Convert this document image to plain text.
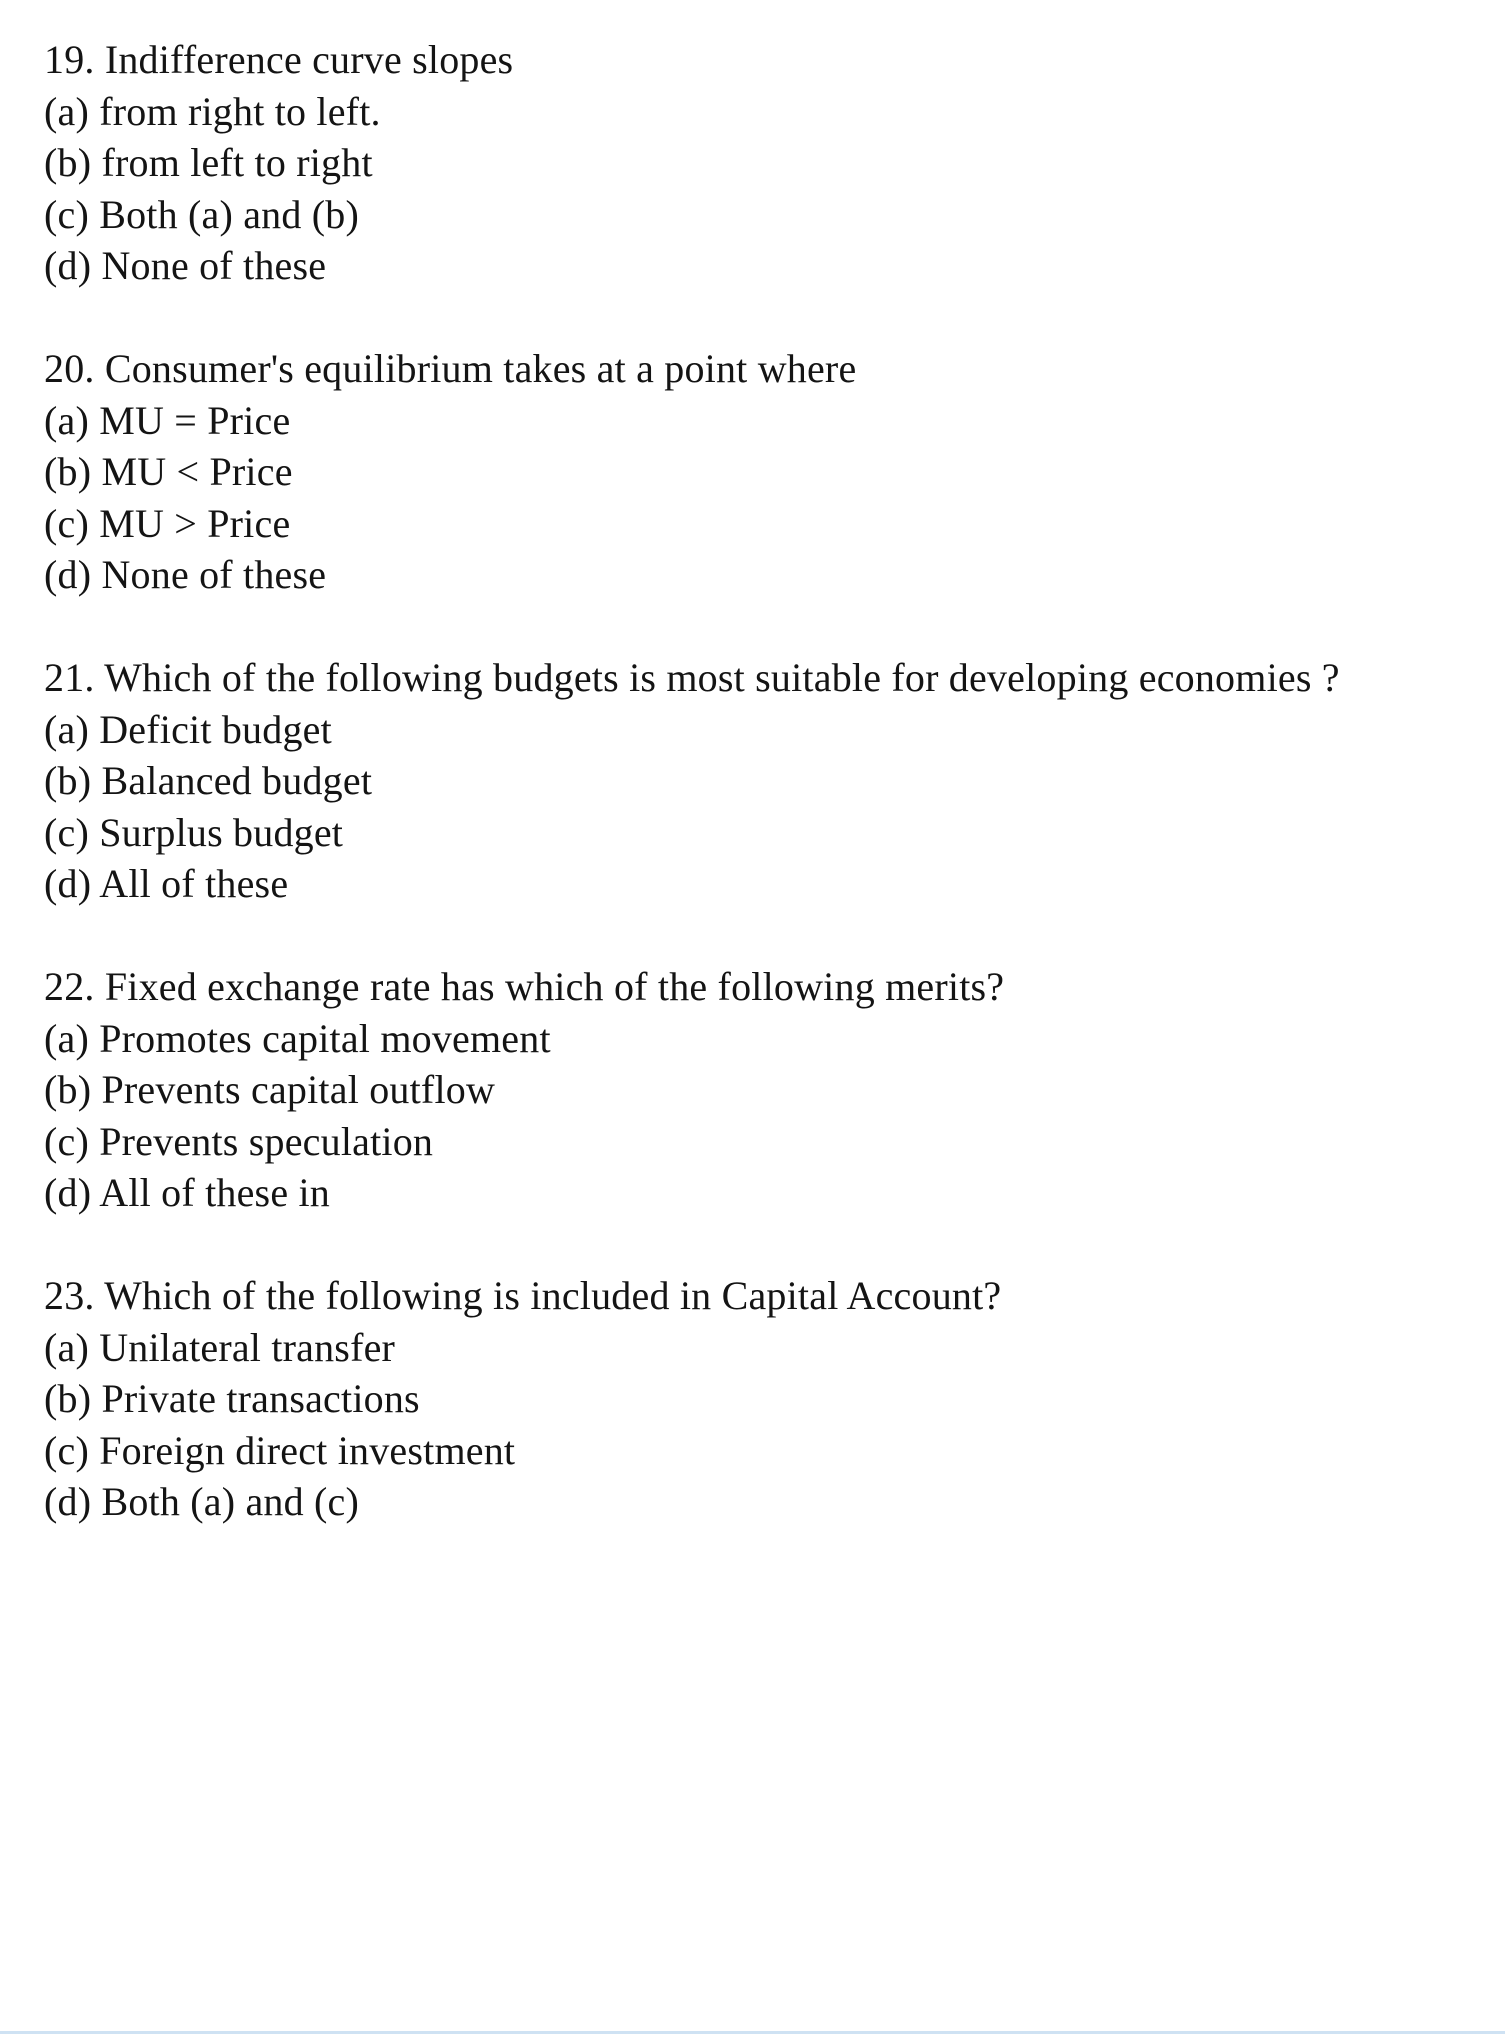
19. Indifference curve slopes

(a) from right to left.

(b) from left to right

(c) Both (a) and (b)

(d) None of these

20. Consumer's equilibrium takes at a point where

(a) MU = Price

(b) MU < Price

(c) MU > Price

(d) None of these

21. Which of the following budgets is most suitable for developing economies ?

(a) Deficit budget

(b) Balanced budget

(c) Surplus budget

(d) All of these

22. Fixed exchange rate has which of the following merits?

(a) Promotes capital movement

(b) Prevents capital outflow

(c) Prevents speculation

(d) All of these in

23. Which of the following is included in Capital Account?

(a) Unilateral transfer

(b) Private transactions

(c) Foreign direct investment

(d) Both (a) and (c)
